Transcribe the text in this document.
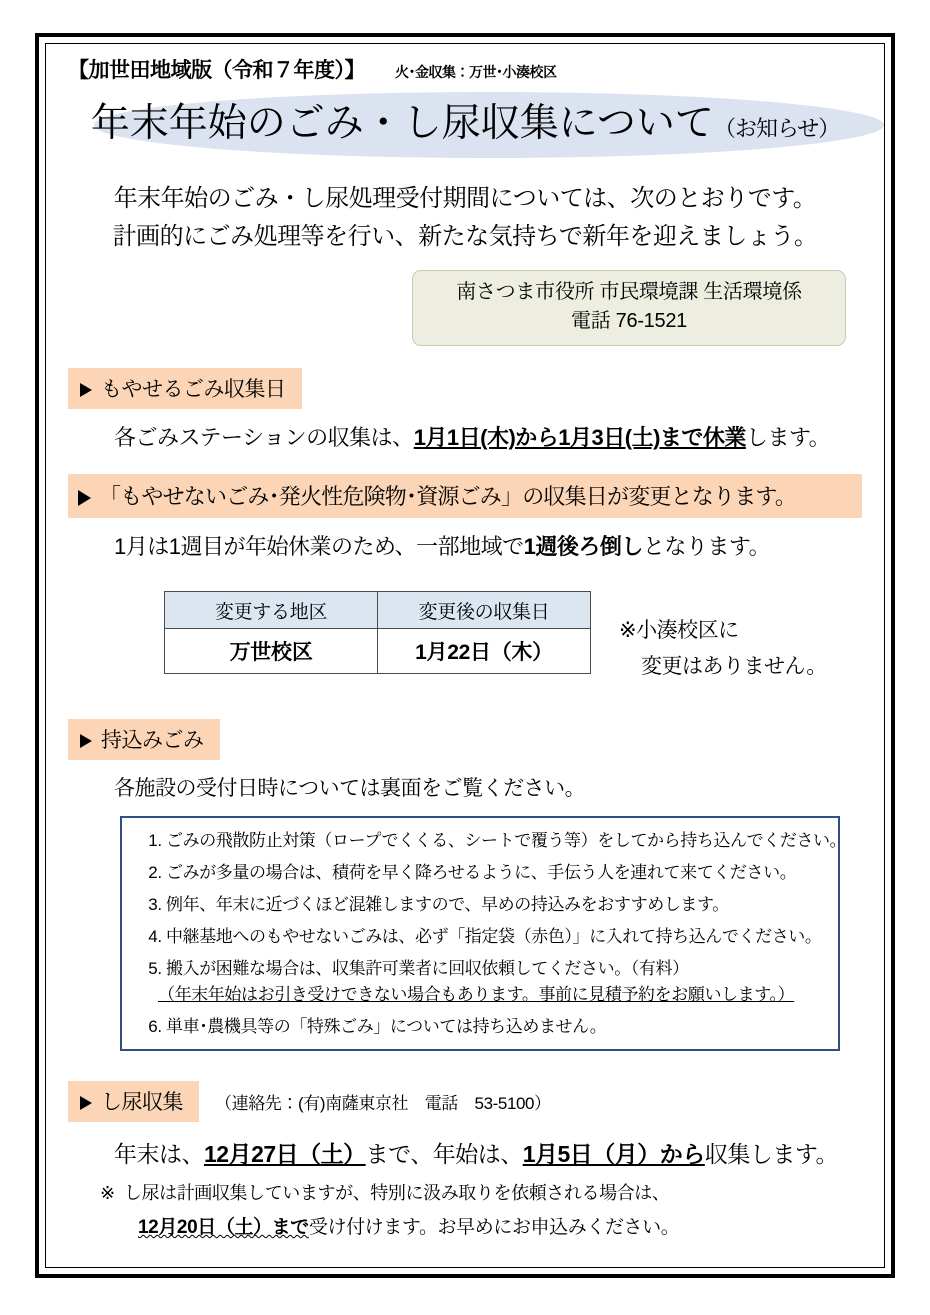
【加世田地域版（令和７年度）】 火･金収集：万世･小湊校区
年末年始のごみ・し尿収集について（お知らせ）
年末年始のごみ・し尿処理受付期間については、次のとおりです。
計画的にごみ処理等を行い、新たな気持ちで新年を迎えましょう。
南さつま市役所 市民環境課 生活環境係
電話 76-1521
もやせるごみ収集日
各ごみステーションの収集は、1月1日(木)から1月3日(土)まで休業します。
「もやせないごみ･発火性危険物･資源ごみ」の収集日が変更となります。
1月は1週目が年始休業のため、一部地域で1週後ろ倒しとなります。
変更する地区	変更後の収集日
万世校区	1月22日（木）
※小湊校区に
変更はありません。
持込みごみ
各施設の受付日時については裏面をご覧ください。
1. ごみの飛散防止対策（ロープでくくる、シートで覆う等）をしてから持ち込んでください。
2. ごみが多量の場合は、積荷を早く降ろせるように、手伝う人を連れて来てください。
3. 例年、年末に近づくほど混雑しますので、早めの持込みをおすすめします。
4. 中継基地へのもやせないごみは、必ず「指定袋（赤色）」に入れて持ち込んでください。
5. 搬入が困難な場合は、収集許可業者に回収依頼してください。（有料）
（年末年始はお引き受けできない場合もあります。事前に見積予約をお願いします。）
6. 単車･農機具等の「特殊ごみ」については持ち込めません。
し尿収集	（連絡先：(有)南薩東京社　電話　53-5100）
年末は、12月27日（土）まで、年始は、1月5日（月）から収集します。
※ し尿は計画収集していますが、特別に汲み取りを依頼される場合は、
12月20日（土）まで受け付けます。お早めにお申込みください。
